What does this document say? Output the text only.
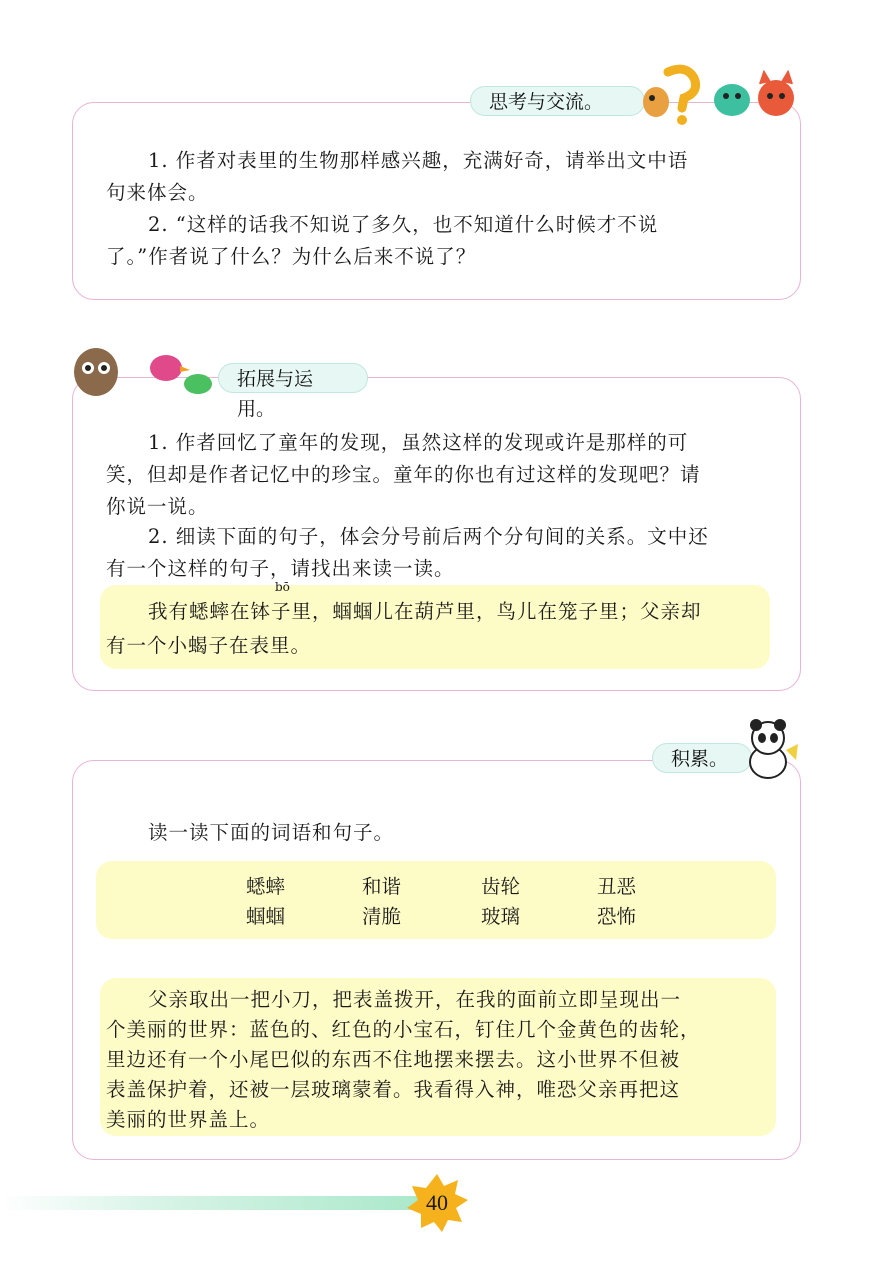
思考与交流。

1. 作者对表里的生物那样感兴趣，充满好奇，请举出文中语

句来体会。

2. “这样的话我不知说了多久，也不知道什么时候才不说

了。”作者说了什么？为什么后来不说了？

拓展与运用。

1. 作者回忆了童年的发现，虽然这样的发现或许是那样的可

笑，但却是作者记忆中的珍宝。童年的你也有过这样的发现吧？请

你说一说。

2. 细读下面的句子，体会分号前后两个分句间的关系。文中还

有一个这样的句子，请找出来读一读。

bō

我有蟋蟀在钵子里，蝈蝈儿在葫芦里，鸟儿在笼子里；父亲却

有一个小蝎子在表里。

积累。

读一读下面的词语和句子。

蟋蟀	和谐	齿轮	丑恶
蝈蝈	清脆	玻璃	恐怖

父亲取出一把小刀，把表盖拨开，在我的面前立即呈现出一

个美丽的世界：蓝色的、红色的小宝石，钉住几个金黄色的齿轮，

里边还有一个小尾巴似的东西不住地摆来摆去。这小世界不但被

表盖保护着，还被一层玻璃蒙着。我看得入神，唯恐父亲再把这

美丽的世界盖上。

40
